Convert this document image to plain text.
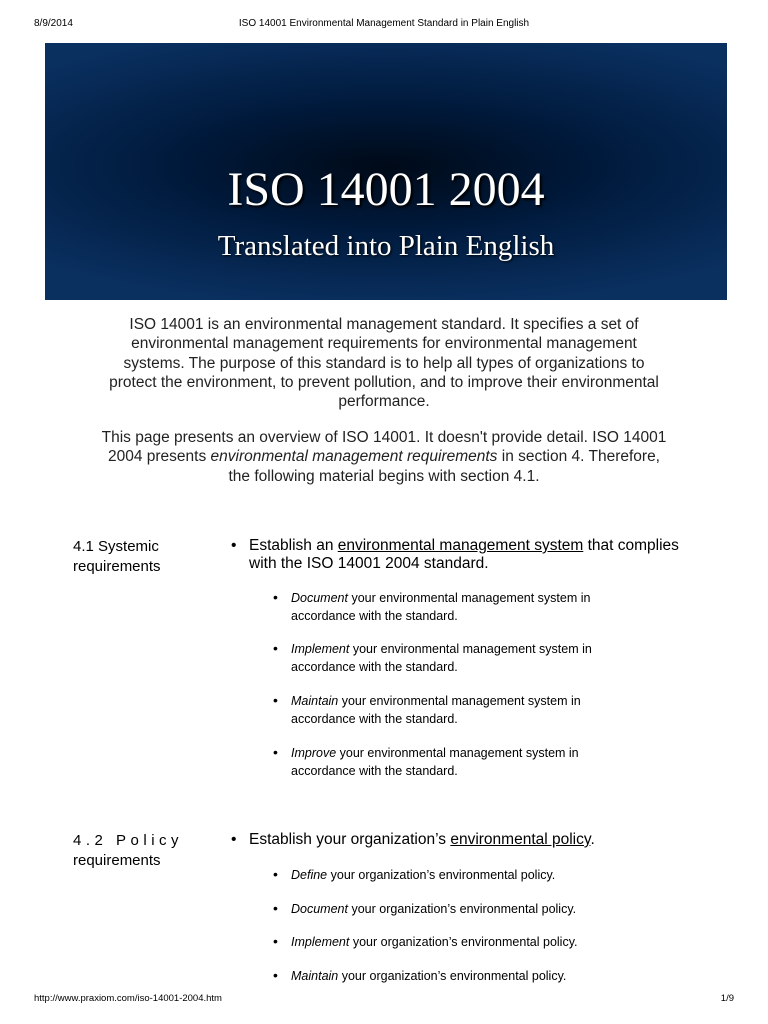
8/9/2014	ISO 14001 Environmental Management Standard in Plain English
ISO 14001 2004
Translated into Plain English
ISO 14001 is an environmental management standard. It specifies a set of environmental management requirements for environmental management systems. The purpose of this standard is to help all types of organizations to protect the environment, to prevent pollution, and to improve their environmental performance.
This page presents an overview of ISO 14001. It doesn't provide detail. ISO 14001 2004 presents environmental management requirements in section 4. Therefore, the following material begins with section 4.1.
4.1 Systemic requirements
• Establish an environmental management system that complies with the ISO 14001 2004 standard.
• Document your environmental management system in accordance with the standard.
• Implement your environmental management system in accordance with the standard.
• Maintain your environmental management system in accordance with the standard.
• Improve your environmental management system in accordance with the standard.
4.2 Policy
requirements
• Establish your organization’s environmental policy.
• Define your organization’s environmental policy.
• Document your organization’s environmental policy.
• Implement your organization’s environmental policy.
• Maintain your organization’s environmental policy.
http://www.praxiom.com/iso-14001-2004.htm	1/9
